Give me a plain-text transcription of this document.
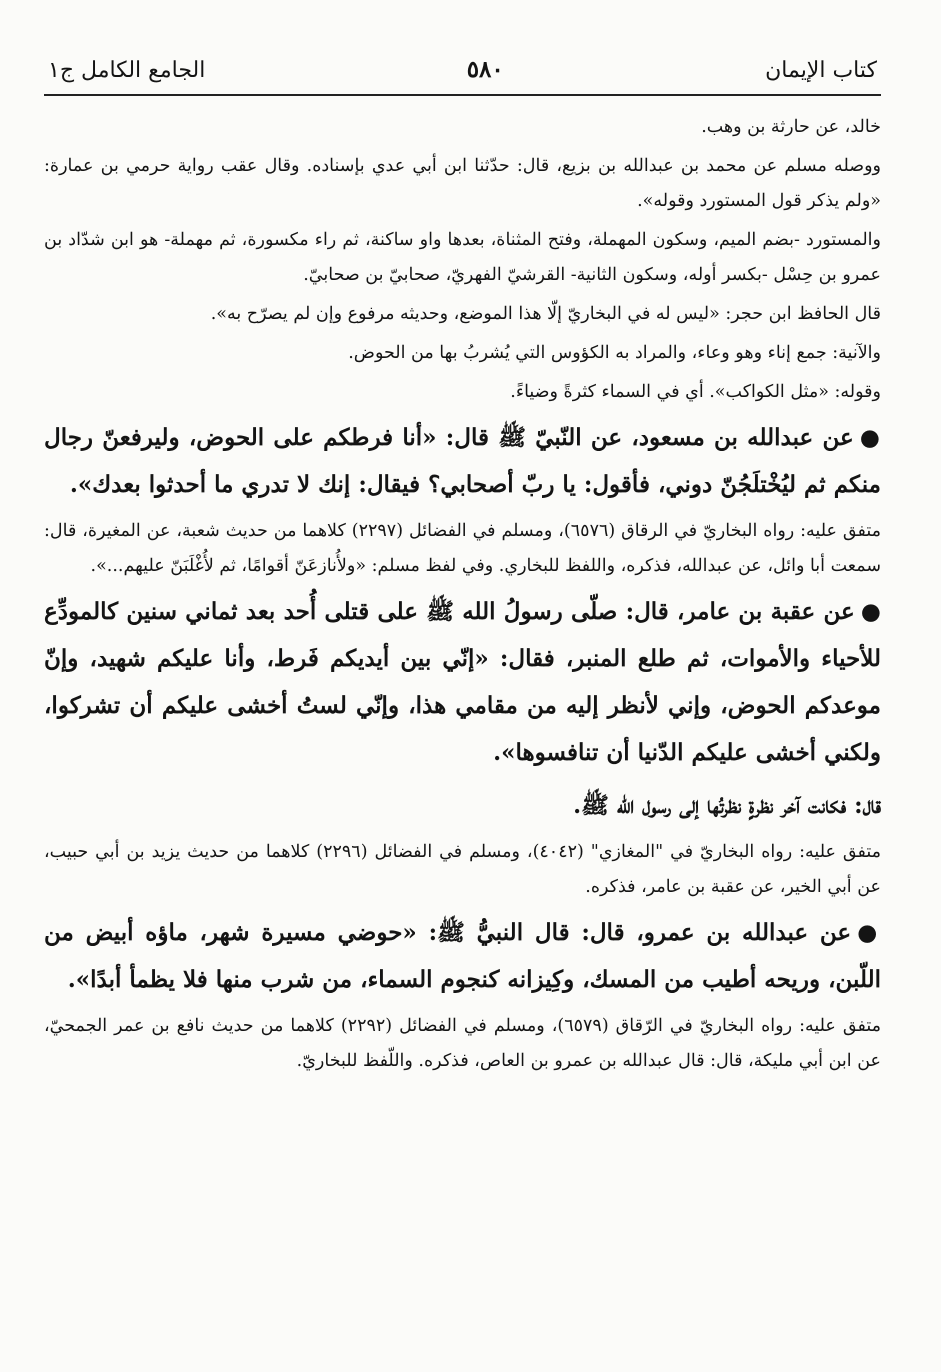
كتاب الإيمان
٥٨٠
الجامع الكامل ج١

خالد، عن حارثة بن وهب.

ووصله مسلم عن محمد بن عبدالله بن بزيع، قال: حدّثنا ابن أبي عدي بإسناده. وقال عقب رواية حرمي بن عمارة: «ولم يذكر قول المستورد وقوله».

والمستورد -بضم الميم، وسكون المهملة، وفتح المثناة، بعدها واو ساكنة، ثم راء مكسورة، ثم مهملة- هو ابن شدّاد بن عمرو بن حِسْل -بكسر أوله، وسكون الثانية- القرشيّ الفهريّ، صحابيّ بن صحابيّ.

قال الحافظ ابن حجر: «ليس له في البخاريّ إلّا هذا الموضع، وحديثه مرفوع وإن لم يصرّح به».

والآنية: جمع إناء وهو وعاء، والمراد به الكؤوس التي يُشربُ بها من الحوض.

وقوله: «مثل الكواكب». أي في السماء كثرةً وضياءً.

●عن عبدالله بن مسعود، عن النّبيّ ﷺ قال: «أنا فرطكم على الحوض، وليرفعنّ رجال منكم ثم ليُخْتلَجُنّ دوني، فأقول: يا ربّ أصحابي؟ فيقال: إنك لا تدري ما أحدثوا بعدك».

متفق عليه: رواه البخاريّ في الرقاق (٦٥٧٦)، ومسلم في الفضائل (٢٢٩٧) كلاهما من حديث شعبة، عن المغيرة، قال: سمعت أبا وائل، عن عبدالله، فذكره، واللفظ للبخاري. وفي لفظ مسلم: «ولأُنازعَنّ أقوامًا، ثم لأُغْلَبَنّ عليهم...».

●عن عقبة بن عامر، قال: صلّى رسولُ الله ﷺ على قتلى أُحد بعد ثماني سنين كالمودِّع للأحياء والأموات، ثم طلع المنبر، فقال: «إنّي بين أيديكم فَرط، وأنا عليكم شهيد، وإنّ موعدكم الحوض، وإني لأنظر إليه من مقامي هذا، وإنّي لستُ أخشى عليكم أن تشركوا، ولكني أخشى عليكم الدّنيا أن تنافسوها».

قال: فكانت آخر نظرةٍ نظرتُها إلى رسول الله ﷺ.

متفق عليه: رواه البخاريّ في "المغازي" (٤٠٤٢)، ومسلم في الفضائل (٢٢٩٦) كلاهما من حديث يزيد بن أبي حبيب، عن أبي الخير، عن عقبة بن عامر، فذكره.

●عن عبدالله بن عمرو، قال: قال النبيُّ ﷺ: «حوضي مسيرة شهر، ماؤه أبيض من اللّبن، وريحه أطيب من المسك، وكِيزانه كنجوم السماء، من شرب منها فلا يظمأ أبدًا».

متفق عليه: رواه البخاريّ في الرّقاق (٦٥٧٩)، ومسلم في الفضائل (٢٢٩٢) كلاهما من حديث نافع بن عمر الجمحيّ، عن ابن أبي مليكة، قال: قال عبدالله بن عمرو بن العاص، فذكره. واللّفظ للبخاريّ.
